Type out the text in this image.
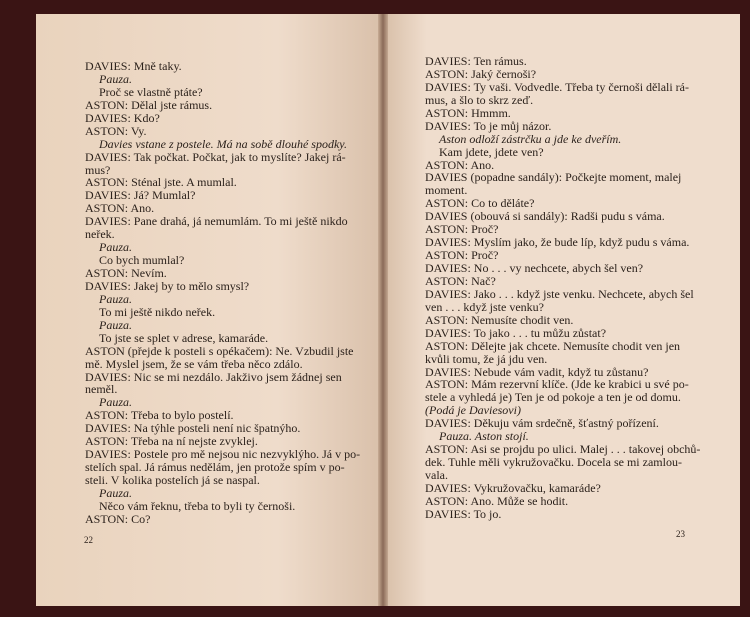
DAVIES: Mně taky.
Pauza.
Proč se vlastně ptáte?
ASTON: Dělal jste rámus.
DAVIES: Kdo?
ASTON: Vy.
Davies vstane z postele. Má na sobě dlouhé spodky.
DAVIES: Tak počkat. Počkat, jak to myslíte? Jakej rá-
mus?
ASTON: Sténal jste. A mumlal.
DAVIES: Já? Mumlal?
ASTON: Ano.
DAVIES: Pane drahá, já nemumlám. To mi ještě nikdo
neřek.
Pauza.
Co bych mumlal?
ASTON: Nevím.
DAVIES: Jakej by to mělo smysl?
Pauza.
To mi ještě nikdo neřek.
Pauza.
To jste se splet v adrese, kamaráde.
ASTON (přejde k posteli s opékačem): Ne. Vzbudil jste
mě. Myslel jsem, že se vám třeba něco zdálo.
DAVIES: Nic se mi nezdálo. Jakživo jsem žádnej sen
neměl.
Pauza.
ASTON: Třeba to bylo postelí.
DAVIES: Na týhle posteli není nic špatnýho.
ASTON: Třeba na ní nejste zvyklej.
DAVIES: Postele pro mě nejsou nic nezvyklýho. Já v po-
stelích spal. Já rámus nedělám, jen protože spím v po-
steli. V kolika postelích já se naspal.
Pauza.
Něco vám řeknu, třeba to byli ty černoši.
ASTON: Co?
22
DAVIES: Ten rámus.
ASTON: Jaký černoši?
DAVIES: Ty vaši. Vodvedle. Třeba ty černoši dělali rá-
mus, a šlo to skrz zeď.
ASTON: Hmmm.
DAVIES: To je můj názor.
Aston odloží zástrčku a jde ke dveřím.
Kam jdete, jdete ven?
ASTON: Ano.
DAVIES (popadne sandály): Počkejte moment, malej
moment.
ASTON: Co to děláte?
DAVIES (obouvá si sandály): Radši pudu s váma.
ASTON: Proč?
DAVIES: Myslím jako, že bude líp, když pudu s váma.
ASTON: Proč?
DAVIES: No . . . vy nechcete, abych šel ven?
ASTON: Nač?
DAVIES: Jako . . . když jste venku. Nechcete, abych šel
ven . . . když jste venku?
ASTON: Nemusíte chodit ven.
DAVIES: To jako . . . tu můžu zůstat?
ASTON: Dělejte jak chcete. Nemusíte chodit ven jen
kvůli tomu, že já jdu ven.
DAVIES: Nebude vám vadit, když tu zůstanu?
ASTON: Mám rezervní klíče. (Jde ke krabici u své po-
stele a vyhledá je) Ten je od pokoje a ten je od domu.
(Podá je Daviesovi)
DAVIES: Děkuju vám srdečně, šťastný pořízení.
Pauza. Aston stojí.
ASTON: Asi se projdu po ulici. Malej . . . takovej obchů-
dek. Tuhle měli vykružovačku. Docela se mi zamlou-
vala.
DAVIES: Vykružovačku, kamaráde?
ASTON: Ano. Může se hodit.
DAVIES: To jo.
23
